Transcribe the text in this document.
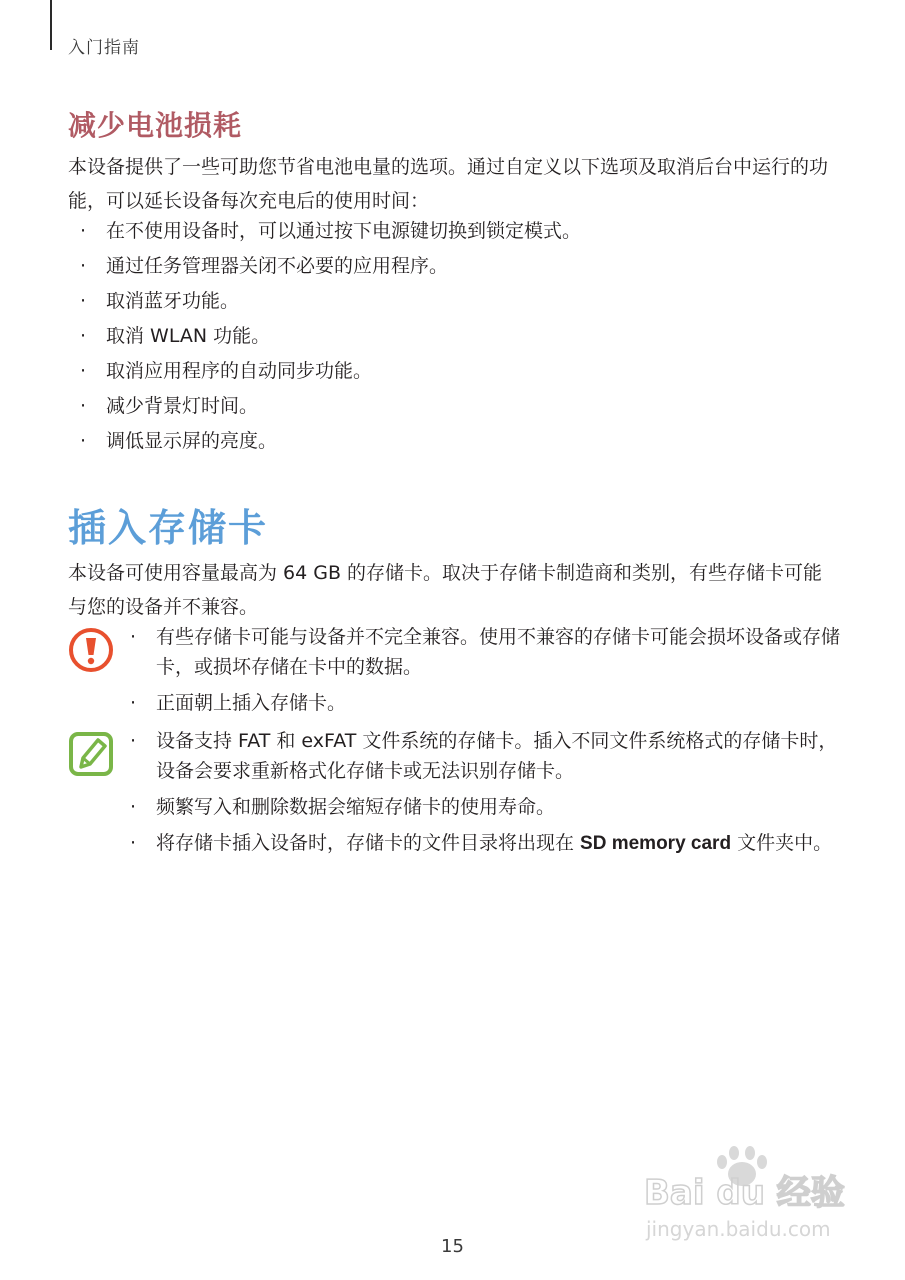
入门指南
减少电池损耗
本设备提供了一些可助您节省电池电量的选项。通过自定义以下选项及取消后台中运行的功能，可以延长设备每次充电后的使用时间：
· 在不使用设备时，可以通过按下电源键切换到锁定模式。
· 通过任务管理器关闭不必要的应用程序。
· 取消蓝牙功能。
· 取消 WLAN 功能。
· 取消应用程序的自动同步功能。
· 减少背景灯时间。
· 调低显示屏的亮度。
插入存储卡
本设备可使用容量最高为 64 GB 的存储卡。取决于存储卡制造商和类别，有些存储卡可能与您的设备并不兼容。
· 有些存储卡可能与设备并不完全兼容。使用不兼容的存储卡可能会损坏设备或存储卡，或损坏存储在卡中的数据。
· 正面朝上插入存储卡。
· 设备支持 FAT 和 exFAT 文件系统的存储卡。插入不同文件系统格式的存储卡时，设备会要求重新格式化存储卡或无法识别存储卡。
· 频繁写入和删除数据会缩短存储卡的使用寿命。
· 将存储卡插入设备时，存储卡的文件目录将出现在 SD memory card 文件夹中。
Bai du 经验
jingyan.baidu.com
15
